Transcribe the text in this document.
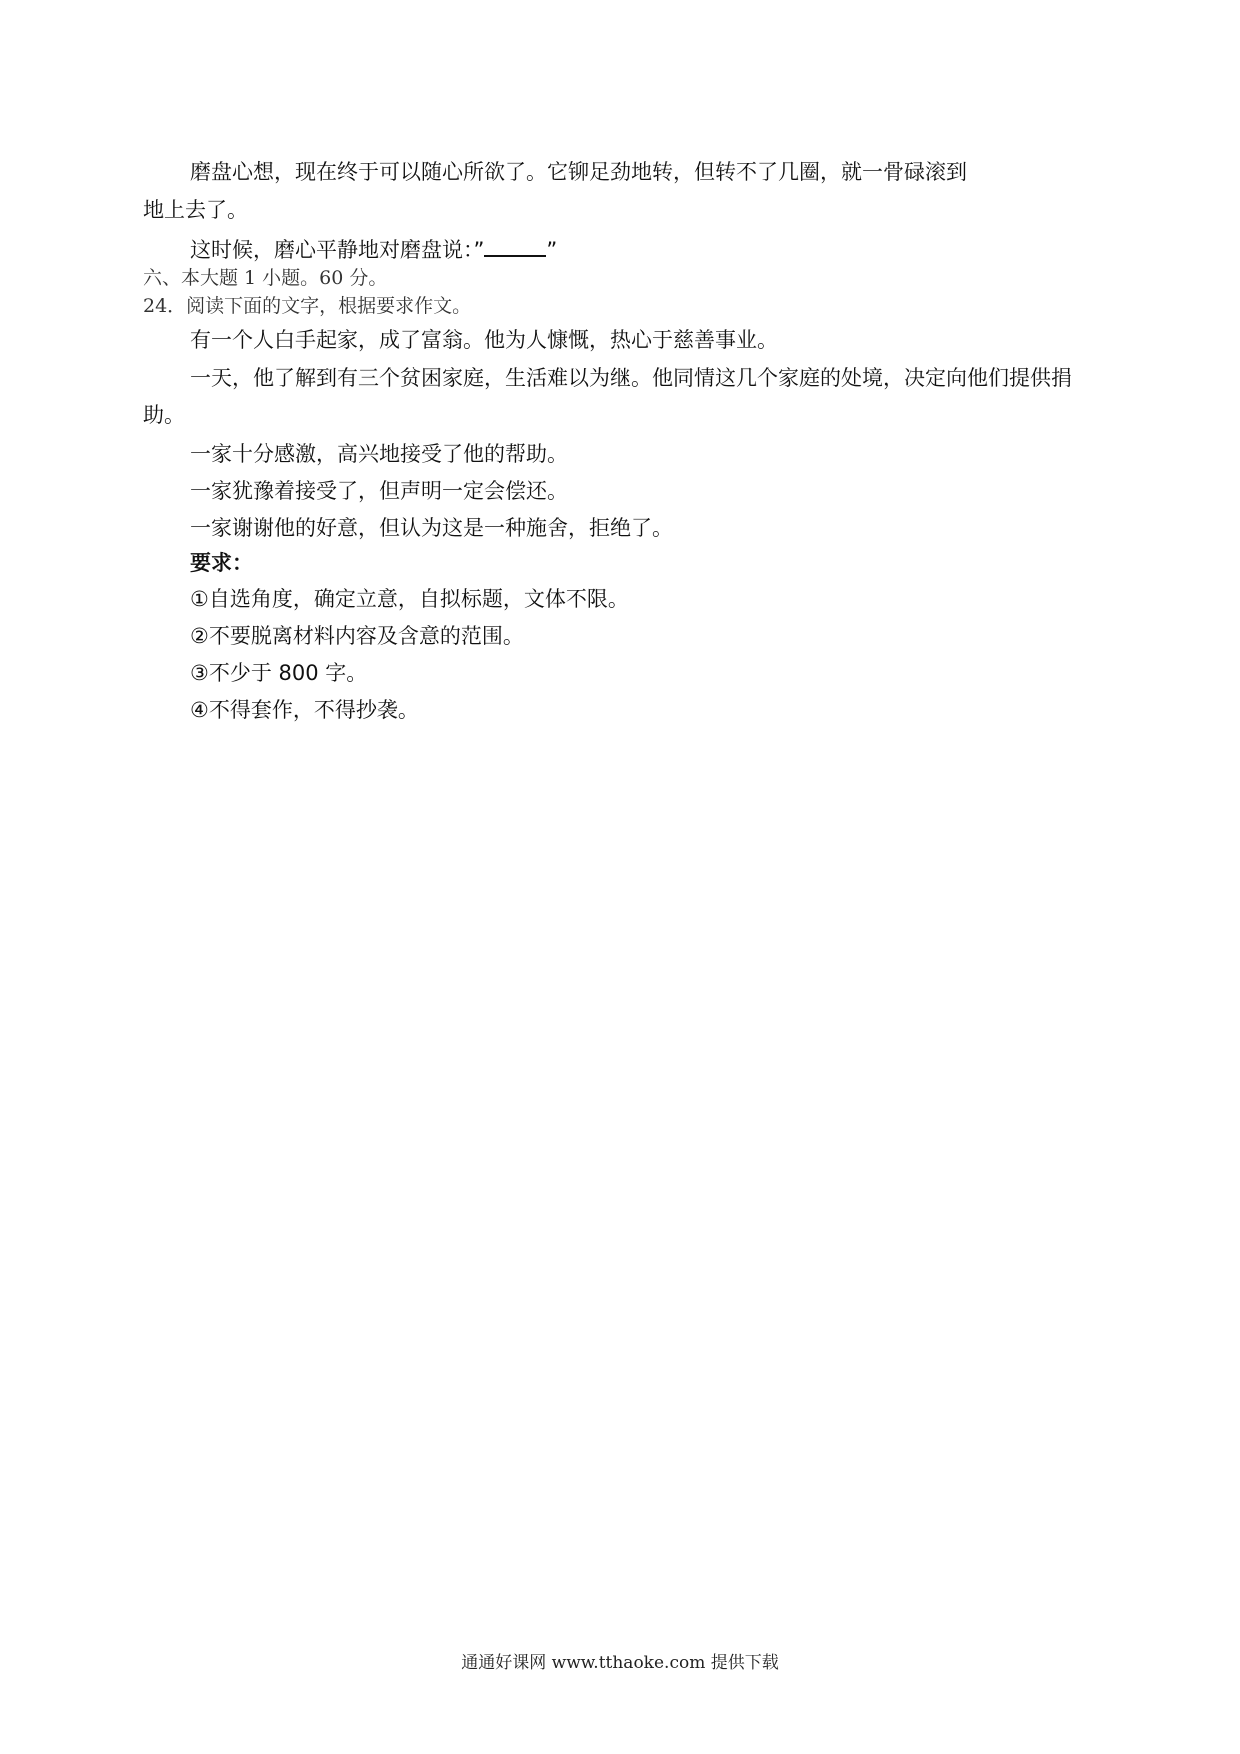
磨盘心想，现在终于可以随心所欲了。它铆足劲地转，但转不了几圈，就一骨碌滚到
地上去了。
这时候，磨心平静地对磨盘说：”	”
六、本大题 1 小题。60 分。
24．阅读下面的文字，根据要求作文。
有一个人白手起家，成了富翁。他为人慷慨，热心于慈善事业。
一天，他了解到有三个贫困家庭，生活难以为继。他同情这几个家庭的处境，决定向他们提供捐
助。
一家十分感激，高兴地接受了他的帮助。
一家犹豫着接受了，但声明一定会偿还。
一家谢谢他的好意，但认为这是一种施舍，拒绝了。
要求：
①自选角度，确定立意，自拟标题，文体不限。
②不要脱离材料内容及含意的范围。
③不少于 800 字。
④不得套作，不得抄袭。
通通好课网 www.tthaoke.com 提供下载
